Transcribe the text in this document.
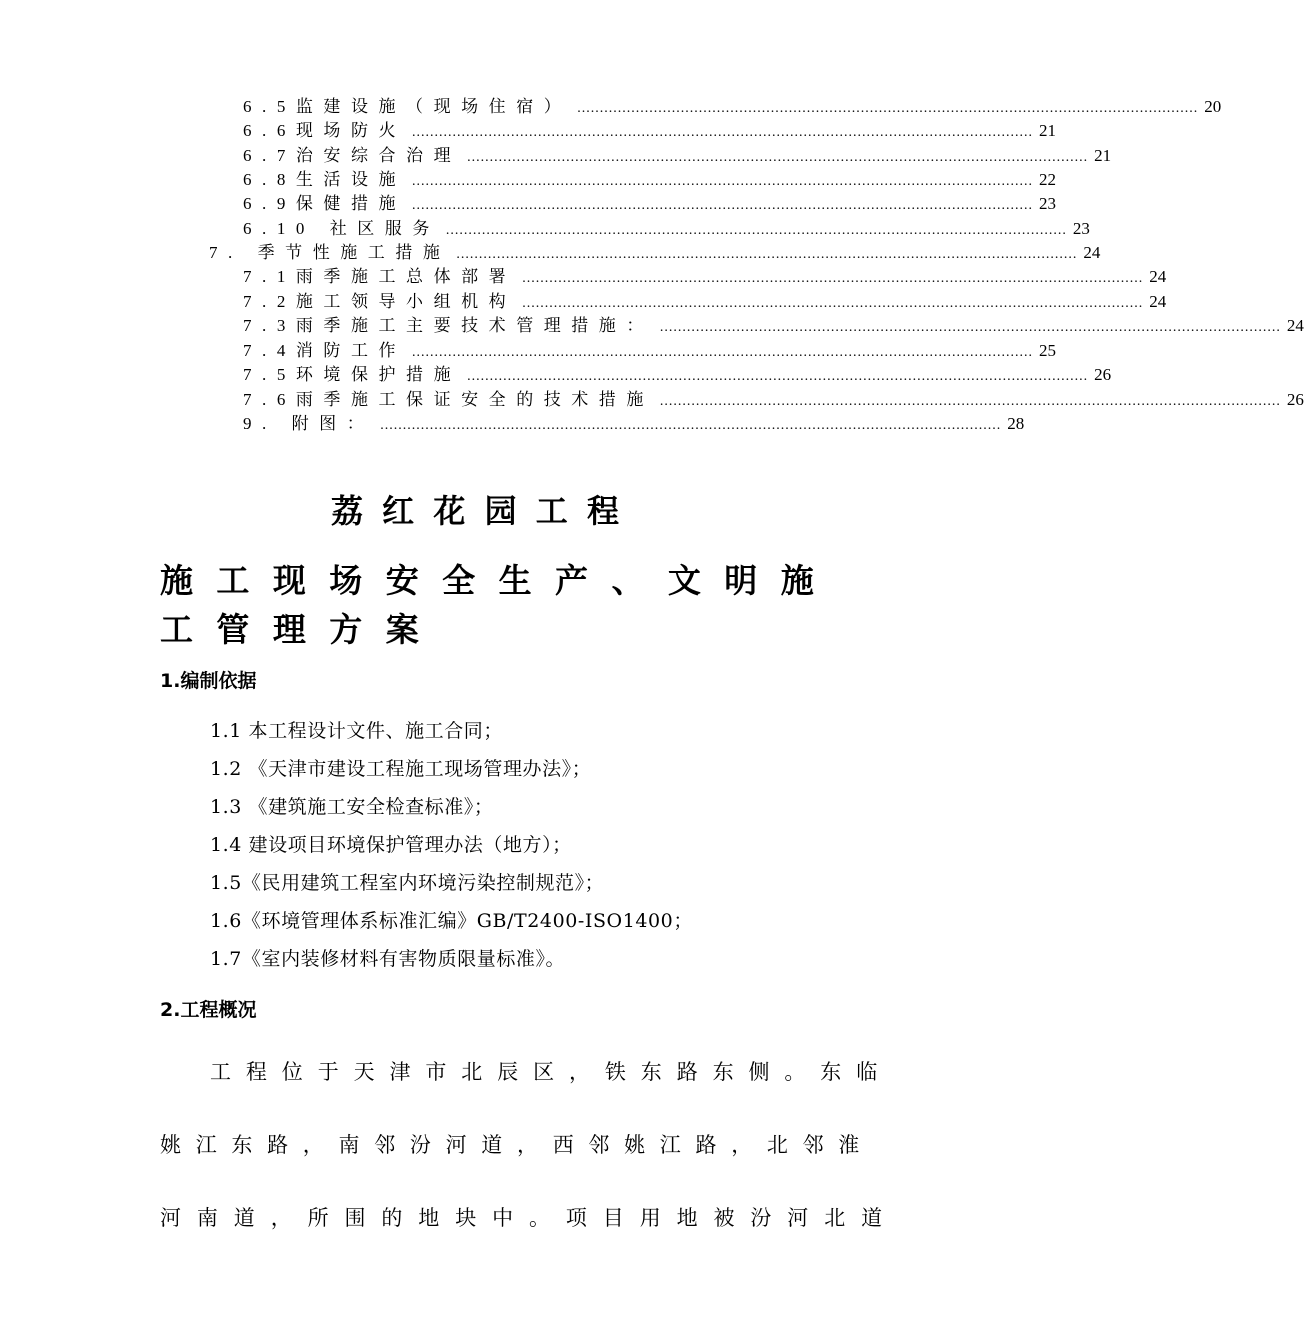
6.5监建设施（现场住宿） .......................................................................................................................................... 20
6.6现场防火 .......................................................................................................................................... 21
6.7治安综合治理 .......................................................................................................................................... 21
6.8生活设施 .......................................................................................................................................... 22
6.9保健措施 .......................................................................................................................................... 23
6.10 社区服务 .......................................................................................................................................... 23
7. 季节性施工措施 .......................................................................................................................................... 24
7.1雨季施工总体部署 .......................................................................................................................................... 24
7.2施工领导小组机构 .......................................................................................................................................... 24
7.3雨季施工主要技术管理措施： .......................................................................................................................................... 24
7.4消防工作 .......................................................................................................................................... 25
7.5环境保护措施 .......................................................................................................................................... 26
7.6雨季施工保证安全的技术措施 .......................................................................................................................................... 26
9. 附图： .......................................................................................................................................... 28
荔红花园工程
施工现场安全生产、文明施工管理方案
1.编制依据
1.1 本工程设计文件、施工合同；
1.2 《天津市建设工程施工现场管理办法》；
1.3 《建筑施工安全检查标准》；
1.4 建设项目环境保护管理办法（地方）；
1.5《民用建筑工程室内环境污染控制规范》；
1.6《环境管理体系标准汇编》GB/T2400-ISO1400；
1.7《室内装修材料有害物质限量标准》。
2.工程概况
工程位于天津市北辰区，铁东路东侧。东临
姚江东路，南邻汾河道，西邻姚江路，北邻淮
河南道，所围的地块中。项目用地被汾河北道
